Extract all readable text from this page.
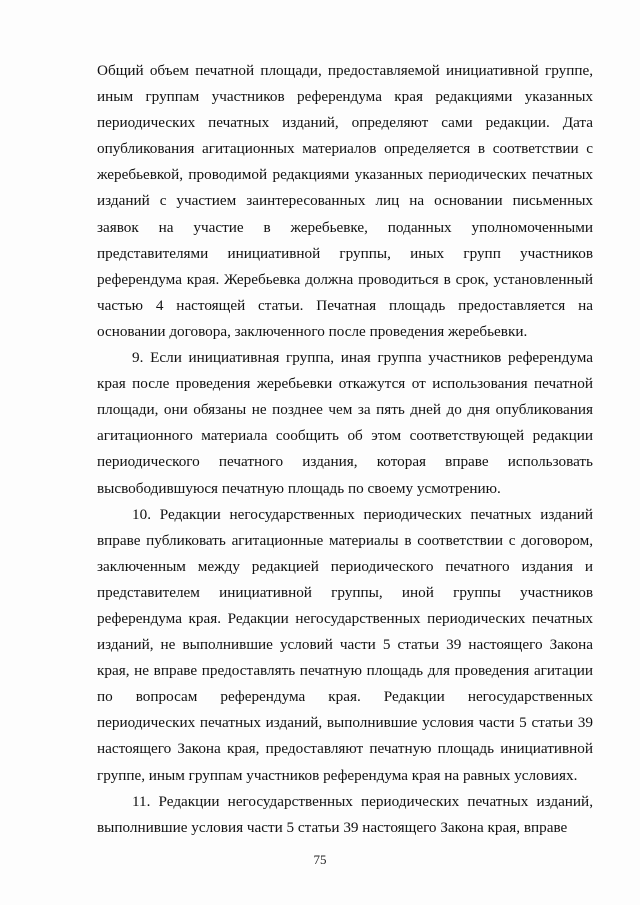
Общий объем печатной площади, предоставляемой инициативной группе, иным группам участников референдума края редакциями указанных периодических печатных изданий, определяют сами редакции. Дата опубликования агитационных материалов определяется в соответствии с жеребьевкой, проводимой редакциями указанных периодических печатных изданий с участием заинтересованных лиц на основании письменных заявок на участие в жеребьевке, поданных уполномоченными представителями инициативной группы, иных групп участников референдума края. Жеребьевка должна проводиться в срок, установленный частью 4 настоящей статьи. Печатная площадь предоставляется на основании договора, заключенного после проведения жеребьевки.

9. Если инициативная группа, иная группа участников референдума края после проведения жеребьевки откажутся от использования печатной площади, они обязаны не позднее чем за пять дней до дня опубликования агитационного материала сообщить об этом соответствующей редакции периодического печатного издания, которая вправе использовать высвободившуюся печатную площадь по своему усмотрению.

10. Редакции негосударственных периодических печатных изданий вправе публиковать агитационные материалы в соответствии с договором, заключенным между редакцией периодического печатного издания и представителем инициативной группы, иной группы участников референдума края. Редакции негосударственных периодических печатных изданий, не выполнившие условий части 5 статьи 39 настоящего Закона края, не вправе предоставлять печатную площадь для проведения агитации по вопросам референдума края. Редакции негосударственных периодических печатных изданий, выполнившие условия части 5 статьи 39 настоящего Закона края, предоставляют печатную площадь инициативной группе, иным группам участников референдума края на равных условиях.

11. Редакции негосударственных периодических печатных изданий, выполнившие условия части 5 статьи 39 настоящего Закона края, вправе

75
